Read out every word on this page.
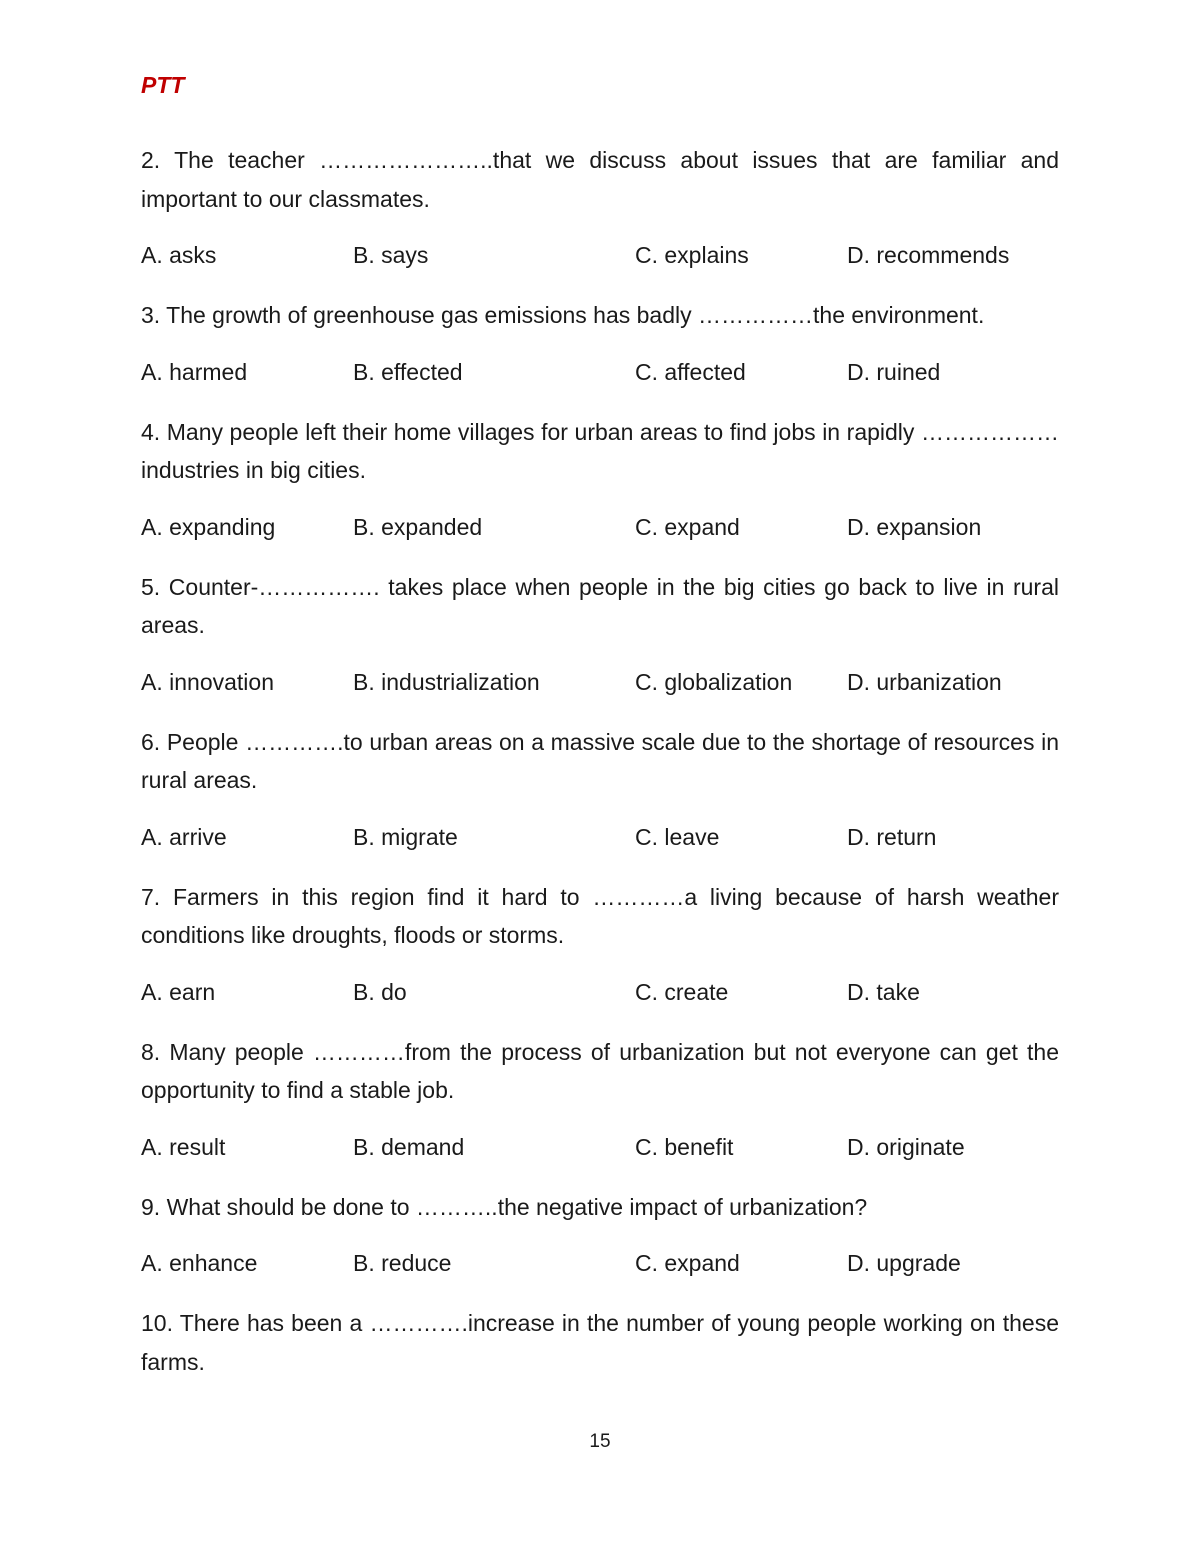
PTT
2. The teacher …………………..that we discuss about issues that are familiar and important to our classmates.
A. asks	B. says	C. explains	D. recommends
3. The growth of greenhouse gas emissions has badly ……………the environment.
A. harmed	B. effected	C. affected	D. ruined
4. Many people left their home villages for urban areas to find jobs in rapidly ………………industries in big cities.
A. expanding	B. expanded	C. expand	D. expansion
5. Counter-……………. takes place when people in the big cities go back to live in rural areas.
A. innovation	B. industrialization	C. globalization D. urbanization
6. People ………….to urban areas on a massive scale due to the shortage of resources in rural areas.
A. arrive	B. migrate	C. leave	D. return
7. Farmers in this region find it hard to …………a living because of harsh weather conditions like droughts, floods or storms.
A. earn	B. do	C. create	D. take
8. Many people …………from the process of urbanization but not everyone can get the opportunity to find a stable job.
A. result	B. demand	C. benefit	D. originate
9. What should be done to ………..the negative impact of urbanization?
A. enhance	B. reduce	C. expand	D. upgrade
10. There has been a ………….increase in the number of young people working on these farms.
15
